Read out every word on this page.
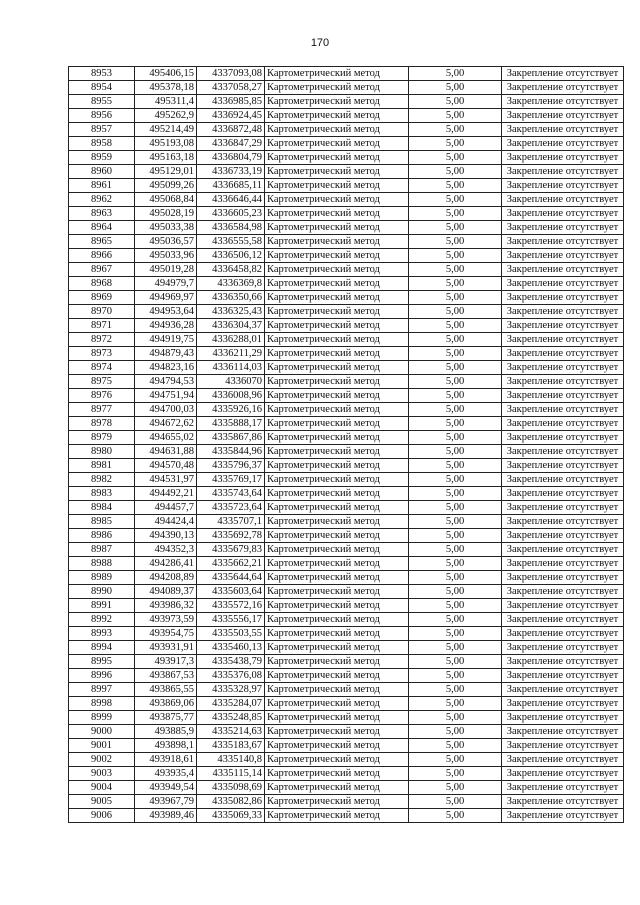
170
8953	495406,15	4337093,08	Картометрический метод	5,00	Закрепление отсутствует
8954	495378,18	4337058,27	Картометрический метод	5,00	Закрепление отсутствует
8955	495311,4	4336985,85	Картометрический метод	5,00	Закрепление отсутствует
8956	495262,9	4336924,45	Картометрический метод	5,00	Закрепление отсутствует
8957	495214,49	4336872,48	Картометрический метод	5,00	Закрепление отсутствует
8958	495193,08	4336847,29	Картометрический метод	5,00	Закрепление отсутствует
8959	495163,18	4336804,79	Картометрический метод	5,00	Закрепление отсутствует
8960	495129,01	4336733,19	Картометрический метод	5,00	Закрепление отсутствует
8961	495099,26	4336685,11	Картометрический метод	5,00	Закрепление отсутствует
8962	495068,84	4336646,44	Картометрический метод	5,00	Закрепление отсутствует
8963	495028,19	4336605,23	Картометрический метод	5,00	Закрепление отсутствует
8964	495033,38	4336584,98	Картометрический метод	5,00	Закрепление отсутствует
8965	495036,57	4336555,58	Картометрический метод	5,00	Закрепление отсутствует
8966	495033,96	4336506,12	Картометрический метод	5,00	Закрепление отсутствует
8967	495019,28	4336458,82	Картометрический метод	5,00	Закрепление отсутствует
8968	494979,7	4336369,8	Картометрический метод	5,00	Закрепление отсутствует
8969	494969,97	4336350,66	Картометрический метод	5,00	Закрепление отсутствует
8970	494953,64	4336325,43	Картометрический метод	5,00	Закрепление отсутствует
8971	494936,28	4336304,37	Картометрический метод	5,00	Закрепление отсутствует
8972	494919,75	4336288,01	Картометрический метод	5,00	Закрепление отсутствует
8973	494879,43	4336211,29	Картометрический метод	5,00	Закрепление отсутствует
8974	494823,16	4336114,03	Картометрический метод	5,00	Закрепление отсутствует
8975	494794,53	4336070	Картометрический метод	5,00	Закрепление отсутствует
8976	494751,94	4336008,96	Картометрический метод	5,00	Закрепление отсутствует
8977	494700,03	4335926,16	Картометрический метод	5,00	Закрепление отсутствует
8978	494672,62	4335888,17	Картометрический метод	5,00	Закрепление отсутствует
8979	494655,02	4335867,86	Картометрический метод	5,00	Закрепление отсутствует
8980	494631,88	4335844,96	Картометрический метод	5,00	Закрепление отсутствует
8981	494570,48	4335796,37	Картометрический метод	5,00	Закрепление отсутствует
8982	494531,97	4335769,17	Картометрический метод	5,00	Закрепление отсутствует
8983	494492,21	4335743,64	Картометрический метод	5,00	Закрепление отсутствует
8984	494457,7	4335723,64	Картометрический метод	5,00	Закрепление отсутствует
8985	494424,4	4335707,1	Картометрический метод	5,00	Закрепление отсутствует
8986	494390,13	4335692,78	Картометрический метод	5,00	Закрепление отсутствует
8987	494352,3	4335679,83	Картометрический метод	5,00	Закрепление отсутствует
8988	494286,41	4335662,21	Картометрический метод	5,00	Закрепление отсутствует
8989	494208,89	4335644,64	Картометрический метод	5,00	Закрепление отсутствует
8990	494089,37	4335603,64	Картометрический метод	5,00	Закрепление отсутствует
8991	493986,32	4335572,16	Картометрический метод	5,00	Закрепление отсутствует
8992	493973,59	4335556,17	Картометрический метод	5,00	Закрепление отсутствует
8993	493954,75	4335503,55	Картометрический метод	5,00	Закрепление отсутствует
8994	493931,91	4335460,13	Картометрический метод	5,00	Закрепление отсутствует
8995	493917,3	4335438,79	Картометрический метод	5,00	Закрепление отсутствует
8996	493867,53	4335376,08	Картометрический метод	5,00	Закрепление отсутствует
8997	493865,55	4335328,97	Картометрический метод	5,00	Закрепление отсутствует
8998	493869,06	4335284,07	Картометрический метод	5,00	Закрепление отсутствует
8999	493875,77	4335248,85	Картометрический метод	5,00	Закрепление отсутствует
9000	493885,9	4335214,63	Картометрический метод	5,00	Закрепление отсутствует
9001	493898,1	4335183,67	Картометрический метод	5,00	Закрепление отсутствует
9002	493918,61	4335140,8	Картометрический метод	5,00	Закрепление отсутствует
9003	493935,4	4335115,14	Картометрический метод	5,00	Закрепление отсутствует
9004	493949,54	4335098,69	Картометрический метод	5,00	Закрепление отсутствует
9005	493967,79	4335082,86	Картометрический метод	5,00	Закрепление отсутствует
9006	493989,46	4335069,33	Картометрический метод	5,00	Закрепление отсутствует
